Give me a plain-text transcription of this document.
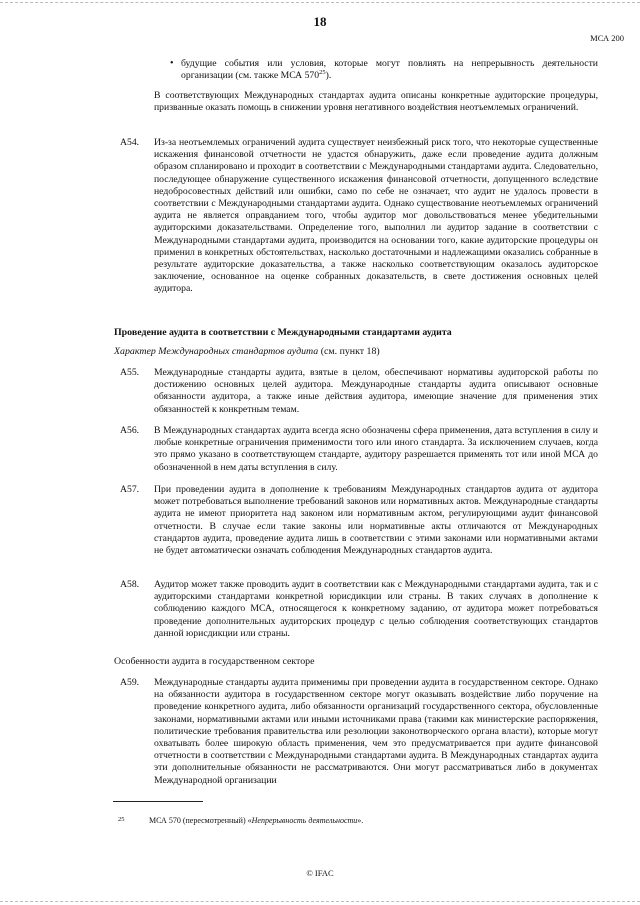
18
МСА 200
• будущие события или условия, которые могут повлиять на непрерывность деятельности организации (см. также МСА $570^{25}$).
В соответствующих Международных стандартах аудита описаны конкретные аудиторские процедуры, призванные оказать помощь в снижении уровня негативного воздействия неотъемлемых ограничений.
A54. Из-за неотъемлемых ограничений аудита существует неизбежный риск того, что некоторые существенные искажения финансовой отчетности не удастся обнаружить, даже если проведение аудита должным образом спланировано и проходит в соответствии с Международными стандартами аудита. Следовательно, последующее обнаружение существенного искажения финансовой отчетности, допущенного вследствие недобросовестных действий или ошибки, само по себе не означает, что аудит не удалось провести в соответствии с Международными стандартами аудита. Однако существование неотъемлемых ограничений аудита не является оправданием того, чтобы аудитор мог довольствоваться менее убедительными аудиторскими доказательствами. Определение того, выполнил ли аудитор задание в соответствии с Международными стандартами аудита, производится на основании того, какие аудиторские процедуры он применил в конкретных обстоятельствах, насколько достаточными и надлежащими оказались собранные в результате аудиторские доказательства, а также насколько соответствующим оказалось аудиторское заключение, основанное на оценке собранных доказательств, в свете достижения основных целей аудитора.
Проведение аудита в соответствии с Международными стандартами аудита
Характер Международных стандартов аудита (см. пункт 18)
A55. Международные стандарты аудита, взятые в целом, обеспечивают нормативы аудиторской работы по достижению основных целей аудитора. Международные стандарты аудита описывают основные обязанности аудитора, а также иные действия аудитора, имеющие значение для применения этих обязанностей к конкретным темам.
A56. В Международных стандартах аудита всегда ясно обозначены сфера применения, дата вступления в силу и любые конкретные ограничения применимости того или иного стандарта. За исключением случаев, когда это прямо указано в соответствующем стандарте, аудитору разрешается применять тот или иной МСА до обозначенной в нем даты вступления в силу.
A57. При проведении аудита в дополнение к требованиям Международных стандартов аудита от аудитора может потребоваться выполнение требований законов или нормативных актов. Международные стандарты аудита не имеют приоритета над законом или нормативным актом, регулирующими аудит финансовой отчетности. В случае если такие законы или нормативные акты отличаются от Международных стандартов аудита, проведение аудита лишь в соответствии с этими законами или нормативными актами не будет автоматически означать соблюдения Международных стандартов аудита.
A58. Аудитор может также проводить аудит в соответствии как с Международными стандартами аудита, так и с аудиторскими стандартами конкретной юрисдикции или страны. В таких случаях в дополнение к соблюдению каждого МСА, относящегося к конкретному заданию, от аудитора может потребоваться проведение дополнительных аудиторских процедур с целью соблюдения соответствующих стандартов данной юрисдикции или страны.
Особенности аудита в государственном секторе
A59. Международные стандарты аудита применимы при проведении аудита в государственном секторе. Однако на обязанности аудитора в государственном секторе могут оказывать воздействие либо поручение на проведение конкретного аудита, либо обязанности организаций государственного сектора, обусловленные законами, нормативными актами или иными источниками права (такими как министерские распоряжения, политические требования правительства или резолюции законотворческого органа власти), которые могут охватывать более широкую область применения, чем это предусматривается при аудите финансовой отчетности в соответствии с Международными стандартами аудита. В Международных стандартах аудита эти дополнительные обязанности не рассматриваются. Они могут рассматриваться либо в документах Международной организации
25	МСА 570 (пересмотренный) «Непрерывность деятельности».
© IFAC
